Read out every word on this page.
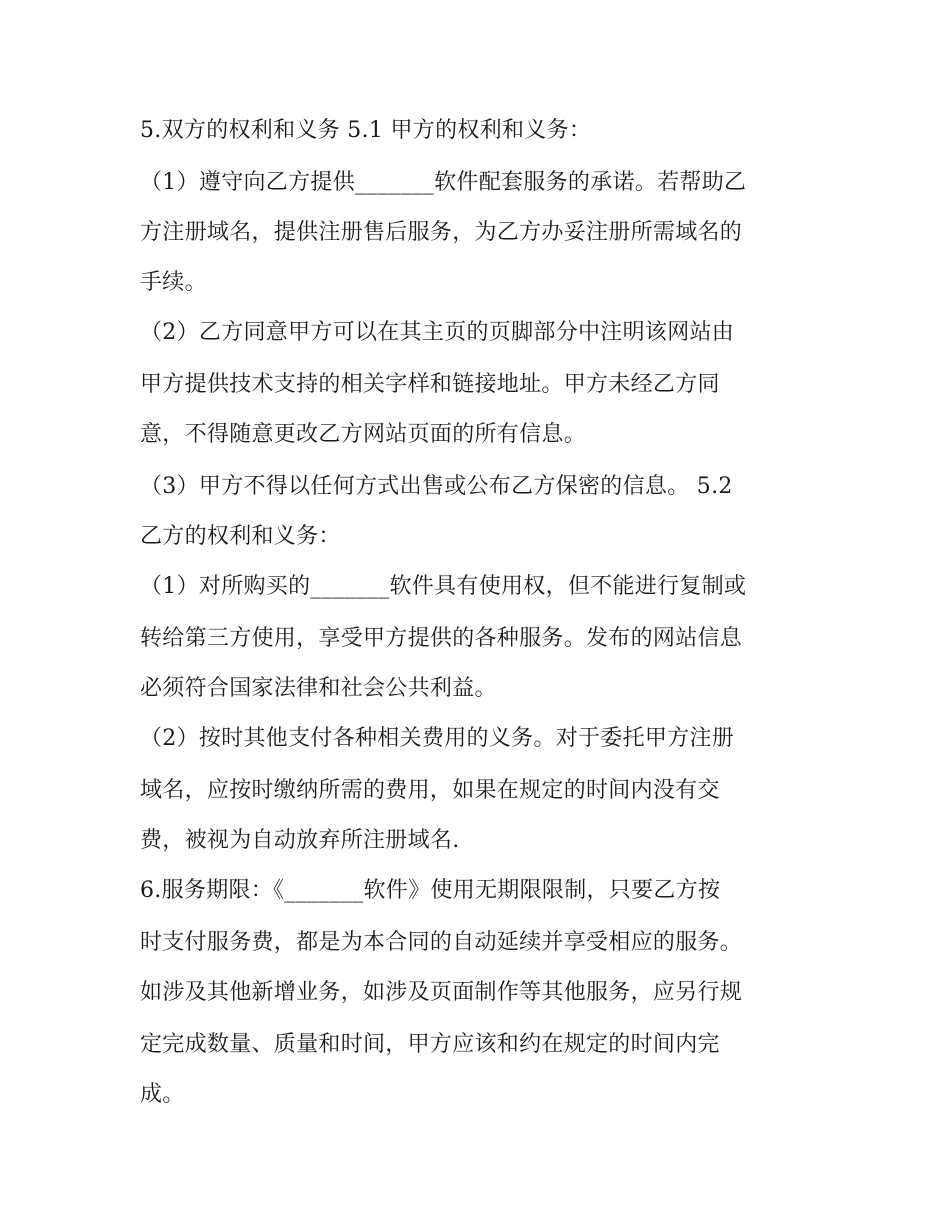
5.双方的权利和义务 5.1 甲方的权利和义务：
（1）遵守向乙方提供_______软件配套服务的承诺。若帮助乙
方注册域名，提供注册售后服务，为乙方办妥注册所需域名的
手续。
（2）乙方同意甲方可以在其主页的页脚部分中注明该网站由
甲方提供技术支持的相关字样和链接地址。甲方未经乙方同
意，不得随意更改乙方网站页面的所有信息。
（3）甲方不得以任何方式出售或公布乙方保密的信息。 5.2
乙方的权利和义务：
（1）对所购买的_______软件具有使用权，但不能进行复制或
转给第三方使用，享受甲方提供的各种服务。发布的网站信息
必须符合国家法律和社会公共利益。
（2）按时其他支付各种相关费用的义务。对于委托甲方注册
域名，应按时缴纳所需的费用，如果在规定的时间内没有交
费，被视为自动放弃所注册域名.
6.服务期限：《_______软件》使用无期限限制，只要乙方按
时支付服务费，都是为本合同的自动延续并享受相应的服务。
如涉及其他新增业务，如涉及页面制作等其他服务，应另行规
定完成数量、质量和时间，甲方应该和约在规定的时间内完
成。
